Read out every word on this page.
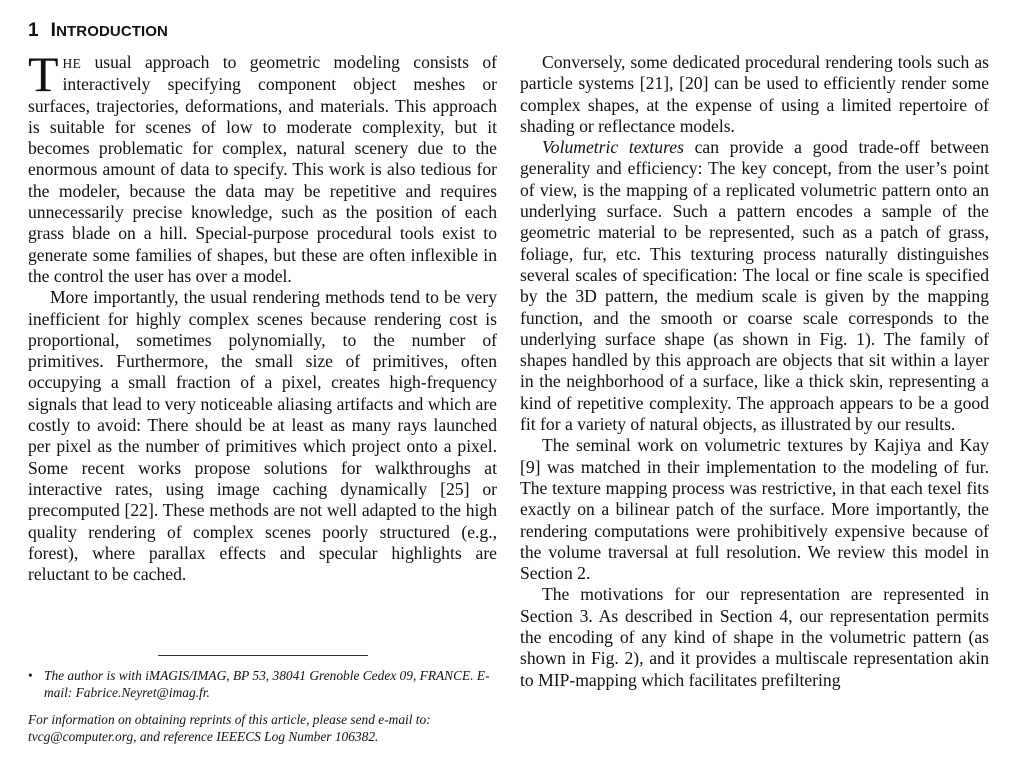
1 INTRODUCTION

THE usual approach to geometric modeling consists of interactively specifying component object meshes or surfaces, trajectories, deformations, and materials. This approach is suitable for scenes of low to moderate complexity, but it becomes problematic for complex, natural scenery due to the enormous amount of data to specify. This work is also tedious for the modeler, because the data may be repetitive and requires unnecessarily precise knowledge, such as the position of each grass blade on a hill. Special-purpose procedural tools exist to generate some families of shapes, but these are often inflexible in the control the user has over a model.

More importantly, the usual rendering methods tend to be very inefficient for highly complex scenes because rendering cost is proportional, sometimes polynomially, to the number of primitives. Furthermore, the small size of primitives, often occupying a small fraction of a pixel, creates high-frequency signals that lead to very noticeable aliasing artifacts and which are costly to avoid: There should be at least as many rays launched per pixel as the number of primitives which project onto a pixel. Some recent works propose solutions for walkthroughs at interactive rates, using image caching dynamically [25] or precomputed [22]. These methods are not well adapted to the high quality rendering of complex scenes poorly structured (e.g., forest), where parallax effects and specular highlights are reluctant to be cached.

Conversely, some dedicated procedural rendering tools such as particle systems [21], [20] can be used to efficiently render some complex shapes, at the expense of using a limited repertoire of shading or reflectance models.

Volumetric textures can provide a good trade-off between generality and efficiency: The key concept, from the user’s point of view, is the mapping of a replicated volumetric pattern onto an underlying surface. Such a pattern encodes a sample of the geometric material to be represented, such as a patch of grass, foliage, fur, etc. This texturing process naturally distinguishes several scales of specification: The local or fine scale is specified by the 3D pattern, the medium scale is given by the mapping function, and the smooth or coarse scale corresponds to the underlying surface shape (as shown in Fig. 1). The family of shapes handled by this approach are objects that sit within a layer in the neighborhood of a surface, like a thick skin, representing a kind of repetitive complexity. The approach appears to be a good fit for a variety of natural objects, as illustrated by our results.

The seminal work on volumetric textures by Kajiya and Kay [9] was matched in their implementation to the modeling of fur. The texture mapping process was restrictive, in that each texel fits exactly on a bilinear patch of the surface. More importantly, the rendering computations were prohibitively expensive because of the volume traversal at full resolution. We review this model in Section 2.

The motivations for our representation are represented in Section 3. As described in Section 4, our representation permits the encoding of any kind of shape in the volumetric pattern (as shown in Fig. 2), and it provides a multiscale representation akin to MIP-mapping which facilitates prefiltering

• The author is with iMAGIS/IMAG, BP 53, 38041 Grenoble Cedex 09, FRANCE. E-mail: Fabrice.Neyret@imag.fr.

For information on obtaining reprints of this article, please send e-mail to: tvcg@computer.org, and reference IEEECS Log Number 106382.
